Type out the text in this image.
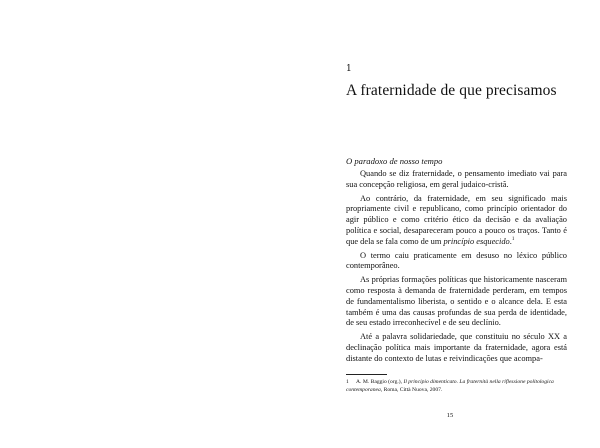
1
A fraternidade de que precisamos
O paradoxo de nosso tempo

Quando se diz fraternidade, o pensamento imediato vai para sua concepção religiosa, em geral judaico-cristã.

Ao contrário, da fraternidade, em seu significado mais propriamente civil e republicano, como princípio orientador do agir público e como critério ético da decisão e da avaliação política e social, desapareceram pouco a pouco os traços. Tanto é que dela se fala como de um princípio esquecido.$^1$

O termo caiu praticamente em desuso no léxico público contemporâneo.

As próprias formações políticas que historicamente nasceram como resposta à demanda de fraternidade perderam, em tempos de fundamentalismo liberista, o sentido e o alcance dela. E esta também é uma das causas profundas de sua perda de identidade, de seu estado irreconhecível e de seu declínio.

Até a palavra solidariedade, que constituiu no século XX a declinação política mais importante da fraternidade, agora está distante do contexto de lutas e reivindicações que acompa-

1 A. M. Baggio (org.), Il principio dimenticato. La fraternità nella riflessione politologica contemporanea, Roma, Città Nuova, 2007.
15
